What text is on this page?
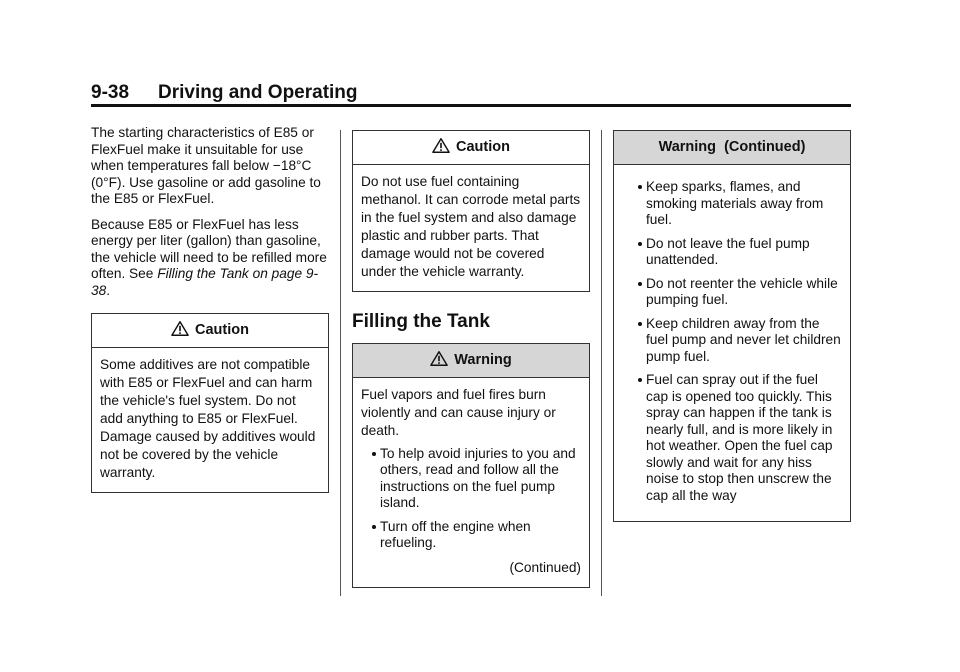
9-38 Driving and Operating

The starting characteristics of E85 or FlexFuel make it unsuitable for use when temperatures fall below −18°C (0°F). Use gasoline or add gasoline to the E85 or FlexFuel.

Because E85 or FlexFuel has less energy per liter (gallon) than gasoline, the vehicle will need to be refilled more often. See Filling the Tank on page 9-38.

Caution
Some additives are not compatible with E85 or FlexFuel and can harm the vehicle's fuel system. Do not add anything to E85 or FlexFuel. Damage caused by additives would not be covered by the vehicle warranty.
Caution
Do not use fuel containing methanol. It can corrode metal parts in the fuel system and also damage plastic and rubber parts. That damage would not be covered under the vehicle warranty.
Filling the Tank
Warning
Fuel vapors and fuel fires burn violently and can cause injury or death.
To help avoid injuries to you and others, read and follow all the instructions on the fuel pump island.
Turn off the engine when refueling.
(Continued)
Warning  (Continued)
Keep sparks, flames, and smoking materials away from fuel.
Do not leave the fuel pump unattended.
Do not reenter the vehicle while pumping fuel.
Keep children away from the fuel pump and never let children pump fuel.
Fuel can spray out if the fuel cap is opened too quickly. This spray can happen if the tank is nearly full, and is more likely in hot weather. Open the fuel cap slowly and wait for any hiss noise to stop then unscrew the cap all the way
